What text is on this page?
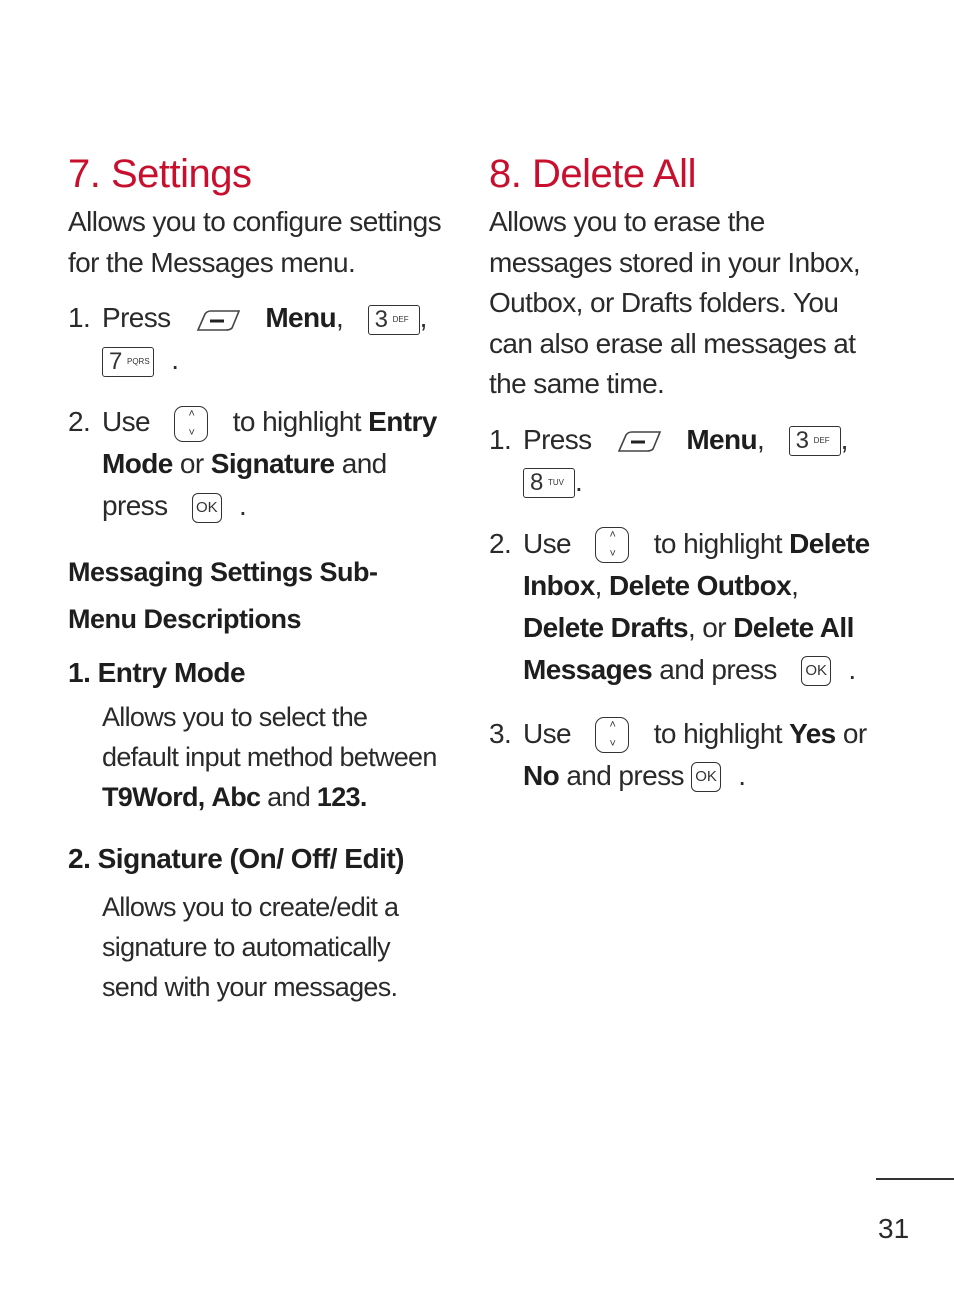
7. Settings

Allows you to configure settings for the Messages menu.

1. Press	Menu, 3 DEF ,

7 PQRS .
2. Use	˄
˅	to highlight Entry Mode or Signature and press OK .
Messaging Settings Sub-Menu Descriptions
1. Entry Mode
Allows you to select the default input method between T9Word, Abc and 123.
2. Signature (On/ Off/ Edit)
Allows you to create/edit a signature to automatically send with your messages.
8. Delete All

Allows you to erase the messages stored in your Inbox, Outbox, or Drafts folders. You can also erase all messages at the same time.

1. Press	Menu, 3 DEF ,

8 TUV .
2. Use	˄
˅	to highlight Delete Inbox, Delete Outbox, Delete Drafts, or Delete All Messages and press OK .
3. Use	˄
˅	to highlight Yes or No and press OK .
31
